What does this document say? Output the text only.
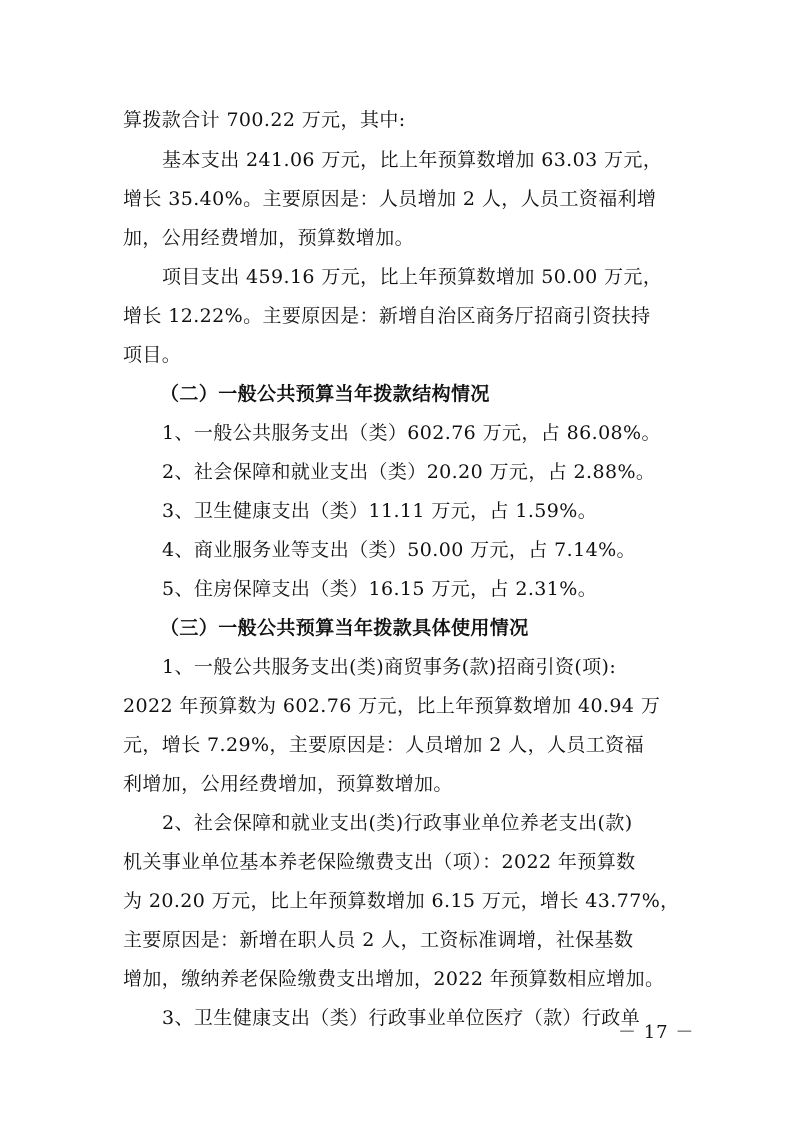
算拨款合计 700.22 万元，其中:
基本支出 241.06 万元，比上年预算数增加 63.03 万元，
增长 35.40%。主要原因是：人员增加 2 人，人员工资福利增
加，公用经费增加，预算数增加。
项目支出 459.16 万元，比上年预算数增加 50.00 万元，
增长 12.22%。主要原因是：新增自治区商务厅招商引资扶持
项目。
（二）一般公共预算当年拨款结构情况
1、一般公共服务支出（类）602.76 万元，占 86.08%。
2、社会保障和就业支出（类）20.20 万元，占 2.88%。
3、卫生健康支出（类）11.11 万元，占 1.59%。
4、商业服务业等支出（类）50.00 万元，占 7.14%。
5、住房保障支出（类）16.15 万元，占 2.31%。
（三）一般公共预算当年拨款具体使用情况
1、一般公共服务支出(类)商贸事务(款)招商引资(项):
2022 年预算数为 602.76 万元，比上年预算数增加 40.94 万
元，增长 7.29%，主要原因是：人员增加 2 人，人员工资福
利增加，公用经费增加，预算数增加。
2、社会保障和就业支出(类)行政事业单位养老支出(款)
机关事业单位基本养老保险缴费支出（项）：2022 年预算数
为 20.20 万元，比上年预算数增加 6.15 万元，增长 43.77%，
主要原因是：新增在职人员 2 人，工资标准调增，社保基数
增加，缴纳养老保险缴费支出增加，2022 年预算数相应增加。
3、卫生健康支出（类）行政事业单位医疗（款）行政单
－ 17 －
